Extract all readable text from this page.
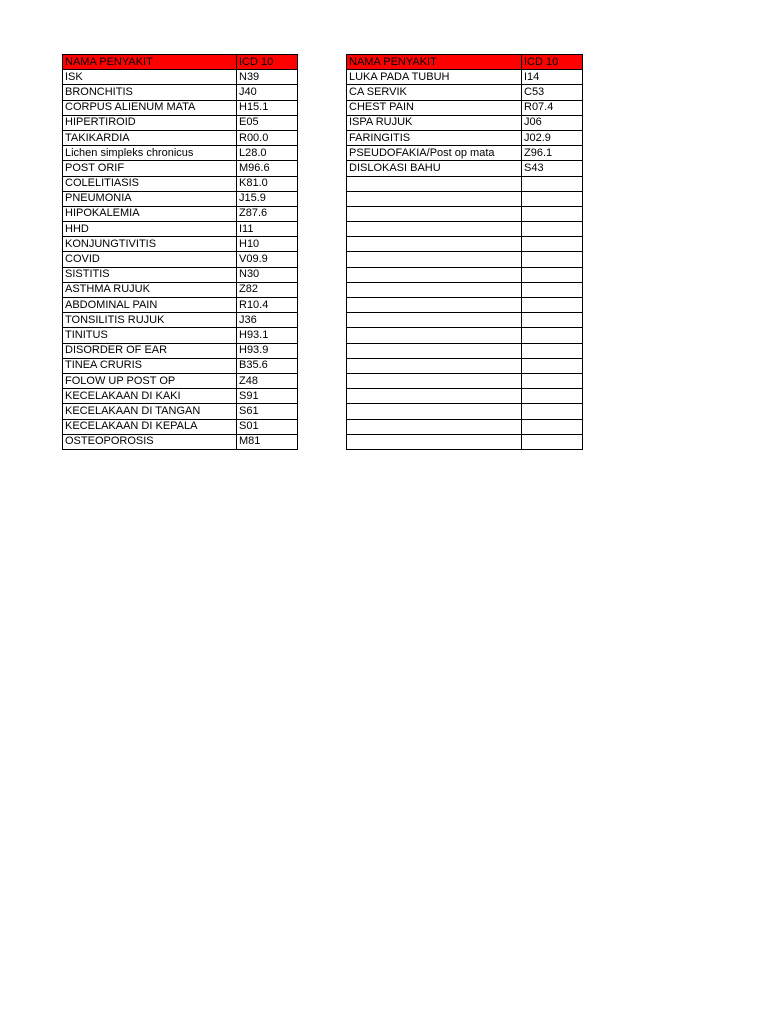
NAMA PENYAKIT	ICD 10
ISK	N39
BRONCHITIS	J40
CORPUS ALIENUM MATA	H15.1
HIPERTIROID	E05
TAKIKARDIA	R00.0
Lichen simpleks chronicus	L28.0
POST ORIF	M96.6
COLELITIASIS	K81.0
PNEUMONIA	J15.9
HIPOKALEMIA	Z87.6
HHD	I11
KONJUNGTIVITIS	H10
COVID	V09.9
SISTITIS	N30
ASTHMA RUJUK	Z82
ABDOMINAL PAIN	R10.4
TONSILITIS RUJUK	J36
TINITUS	H93.1
DISORDER OF EAR	H93.9
TINEA CRURIS	B35.6
FOLOW UP POST OP	Z48
KECELAKAAN DI KAKI	S91
KECELAKAAN DI TANGAN	S61
KECELAKAAN DI KEPALA	S01
OSTEOPOROSIS	M81
NAMA PENYAKIT	ICD 10
LUKA PADA TUBUH	I14
CA SERVIK	C53
CHEST PAIN	R07.4
ISPA RUJUK	J06
FARINGITIS	J02.9
PSEUDOFAKIA/Post op mata	Z96.1
DISLOKASI BAHU	S43
